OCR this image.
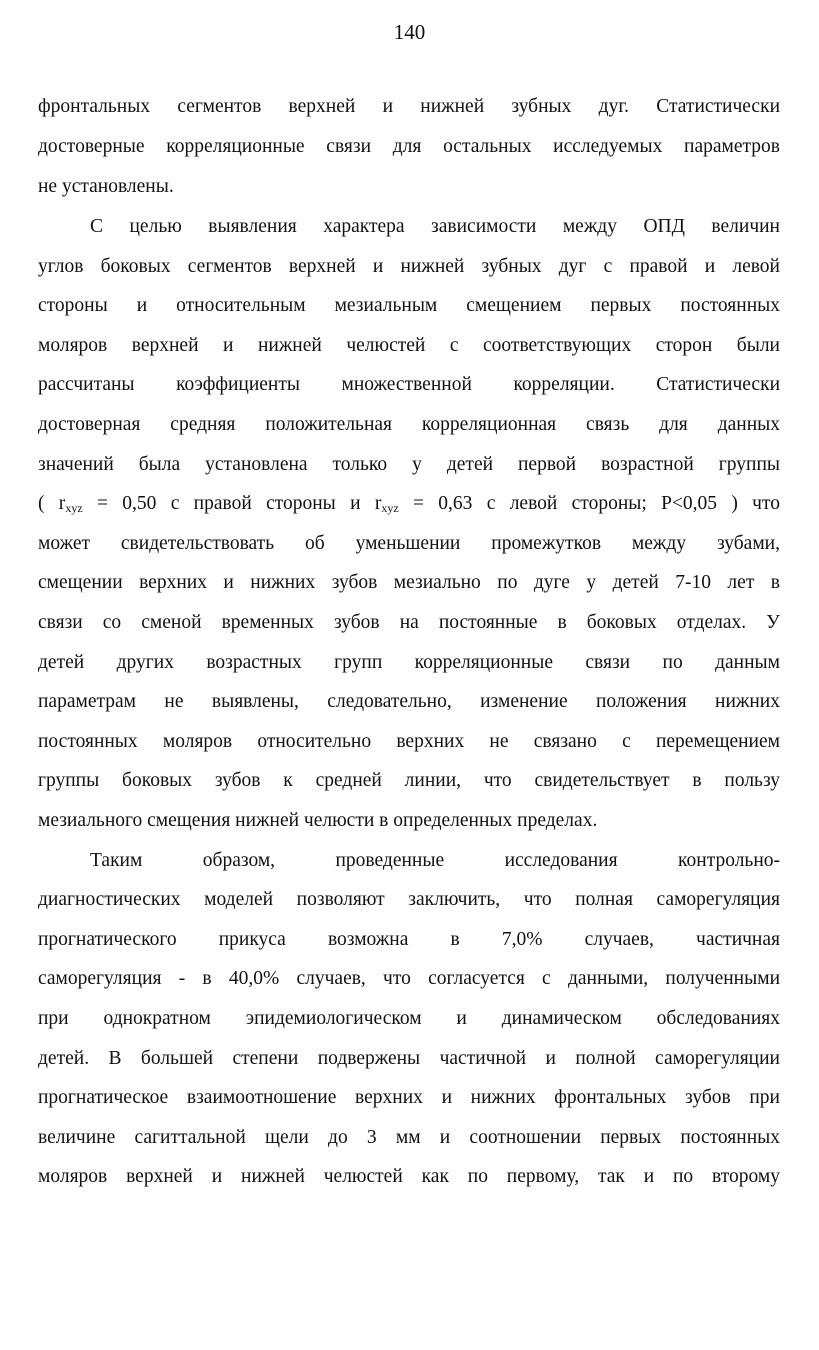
140
фронтальных сегментов верхней и нижней зубных дуг. Статистически
достоверные корреляционные связи для остальных исследуемых параметров
не установлены.
С целью выявления характера зависимости между ОПД величин
углов боковых сегментов верхней и нижней зубных дуг с правой и левой
стороны и относительным мезиальным смещением первых постоянных
моляров верхней и нижней челюстей с соответствующих сторон были
рассчитаны коэффициенты множественной корреляции. Статистически
достоверная средняя положительная корреляционная связь для данных
значений была установлена только у детей первой возрастной группы
( $r_{xyz} = 0,50$ с правой стороны и $r_{xyz} = 0,63$ с левой стороны; P<0,05 ) что
может свидетельствовать об уменьшении промежутков между зубами,
смещении верхних и нижних зубов мезиально по дуге у детей 7-10 лет в
связи со сменой временных зубов на постоянные в боковых отделах. У
детей других возрастных групп корреляционные связи по данным
параметрам не выявлены, следовательно, изменение положения нижних
постоянных моляров относительно верхних не связано с перемещением
группы боковых зубов к средней линии, что свидетельствует в пользу
мезиального смещения нижней челюсти в определенных пределах.
Таким образом, проведенные исследования контрольно-
диагностических моделей позволяют заключить, что полная саморегуляция
прогнатического прикуса возможна в 7,0% случаев, частичная
саморегуляция - в 40,0% случаев, что согласуется с данными, полученными
при однократном эпидемиологическом и динамическом обследованиях
детей. В большей степени подвержены частичной и полной саморегуляции
прогнатическое взаимоотношение верхних и нижних фронтальных зубов при
величине сагиттальной щели до 3 мм и соотношении первых постоянных
моляров верхней и нижней челюстей как по первому, так и по второму
